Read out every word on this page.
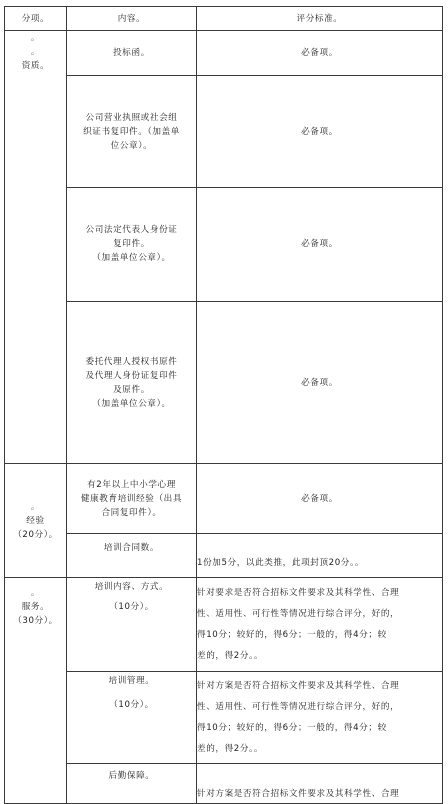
分项。	内容。	评分标准。

。
。
资质。	投标函。	必备项。

	公司营业执照或社会组
织证书复印件。（加盖单
位公章）。	必备项。

	公司法定代表人身份证
复印件。
（加盖单位公章）。	必备项。

	委托代理人授权书原件
及代理人身份证复印件
及原件。
（加盖单位公章）。	必备项。

。
经验
（20分）。	有2年以上中小学心理
健康教育培训经验（出具
合同复印件）。	必备项。
	培训合同数。	1份加5分，以此类推，此项封顶20分。。

。
服务。
（30分）。	培训内容、方式。
（10分）。	针对要求是否符合招标文件要求及其科学性、合理
性、适用性、可行性等情况进行综合评分，好的，
得10分；较好的，得6分；一般的，得4分；较
差的，得2分。。

	培训管理。
（10分）。	针对方案是否符合招标文件要求及其科学性、合理
性、适用性、可行性等情况进行综合评分，好的，
得10分；较好的，得6分；一般的，得4分；较
差的，得2分。。

	后勤保障。	针对方案是否符合招标文件要求及其科学性、合理
